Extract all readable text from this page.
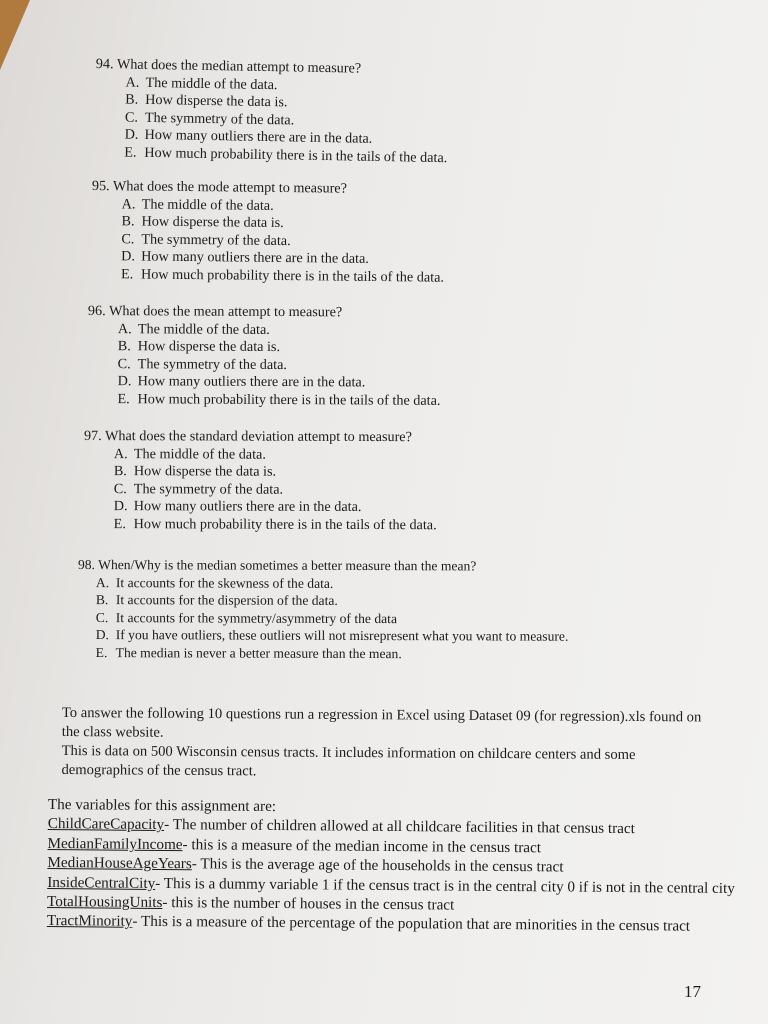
94. What does the median attempt to measure?

A. The middle of the data.
B. How disperse the data is.
C. The symmetry of the data.
D. How many outliers there are in the data.
E. How much probability there is in the tails of the data.

95. What does the mode attempt to measure?

A. The middle of the data.
B. How disperse the data is.
C. The symmetry of the data.
D. How many outliers there are in the data.
E. How much probability there is in the tails of the data.

96. What does the mean attempt to measure?

A. The middle of the data.
B. How disperse the data is.
C. The symmetry of the data.
D. How many outliers there are in the data.
E. How much probability there is in the tails of the data.

97. What does the standard deviation attempt to measure?

A. The middle of the data.
B. How disperse the data is.
C. The symmetry of the data.
D. How many outliers there are in the data.
E. How much probability there is in the tails of the data.

98. When/Why is the median sometimes a better measure than the mean?

A. It accounts for the skewness of the data.
B. It accounts for the dispersion of the data.
C. It accounts for the symmetry/asymmetry of the data
D. If you have outliers, these outliers will not misrepresent what you want to measure.
E. The median is never a better measure than the mean.

To answer the following 10 questions run a regression in Excel using Dataset 09 (for regression).xls found on the class website.

This is data on 500 Wisconsin census tracts. It includes information on childcare centers and some demographics of the census tract.

The variables for this assignment are:

ChildCareCapacity- The number of children allowed at all childcare facilities in that census tract

MedianFamilyIncome- this is a measure of the median income in the census tract

MedianHouseAgeYears- This is the average age of the households in the census tract

InsideCentralCity- This is a dummy variable 1 if the census tract is in the central city 0 if is not in the central city

TotalHousingUnits- this is the number of houses in the census tract

TractMinority- This is a measure of the percentage of the population that are minorities in the census tract

17
